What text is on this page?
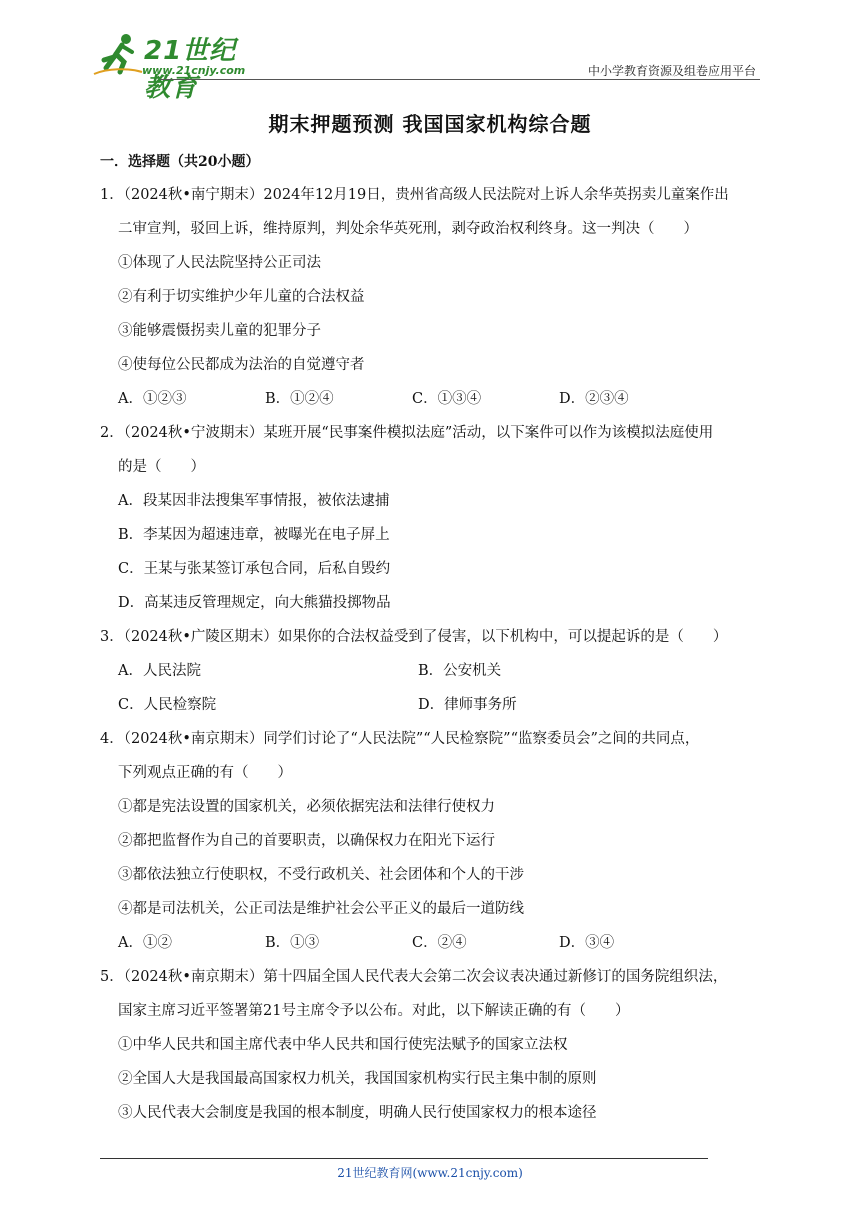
21世纪教育
www.21cnjy.com	中小学教育资源及组卷应用平台
期末押题预测 我国国家机构综合题
一．选择题（共20小题）
1．（2024秋•南宁期末）2024年12月19日，贵州省高级人民法院对上诉人余华英拐卖儿童案作出
二审宣判，驳回上诉，维持原判，判处余华英死刑，剥夺政治权利终身。这一判决（　　）
①体现了人民法院坚持公正司法
②有利于切实维护少年儿童的合法权益
③能够震慑拐卖儿童的犯罪分子
④使每位公民都成为法治的自觉遵守者
A．①②③	B．①②④	C．①③④	D．②③④
2．（2024秋•宁波期末）某班开展“民事案件模拟法庭”活动，以下案件可以作为该模拟法庭使用
的是（　　）
A．段某因非法搜集军事情报，被依法逮捕
B．李某因为超速违章，被曝光在电子屏上
C．王某与张某签订承包合同，后私自毁约
D．高某违反管理规定，向大熊猫投掷物品
3．（2024秋•广陵区期末）如果你的合法权益受到了侵害，以下机构中，可以提起诉的是（　　）
A．人民法院	B．公安机关
C．人民检察院	D．律师事务所
4．（2024秋•南京期末）同学们讨论了“人民法院”“人民检察院”“监察委员会”之间的共同点，
下列观点正确的有（　　）
①都是宪法设置的国家机关，必须依据宪法和法律行使权力
②都把监督作为自己的首要职责，以确保权力在阳光下运行
③都依法独立行使职权，不受行政机关、社会团体和个人的干涉
④都是司法机关，公正司法是维护社会公平正义的最后一道防线
A．①②	B．①③	C．②④	D．③④
5．（2024秋•南京期末）第十四届全国人民代表大会第二次会议表决通过新修订的国务院组织法，
国家主席习近平签署第21号主席令予以公布。对此，以下解读正确的有（　　）
①中华人民共和国主席代表中华人民共和国行使宪法赋予的国家立法权
②全国人大是我国最高国家权力机关，我国国家机构实行民主集中制的原则
③人民代表大会制度是我国的根本制度，明确人民行使国家权力的根本途径
21世纪教育网(www.21cnjy.com)
